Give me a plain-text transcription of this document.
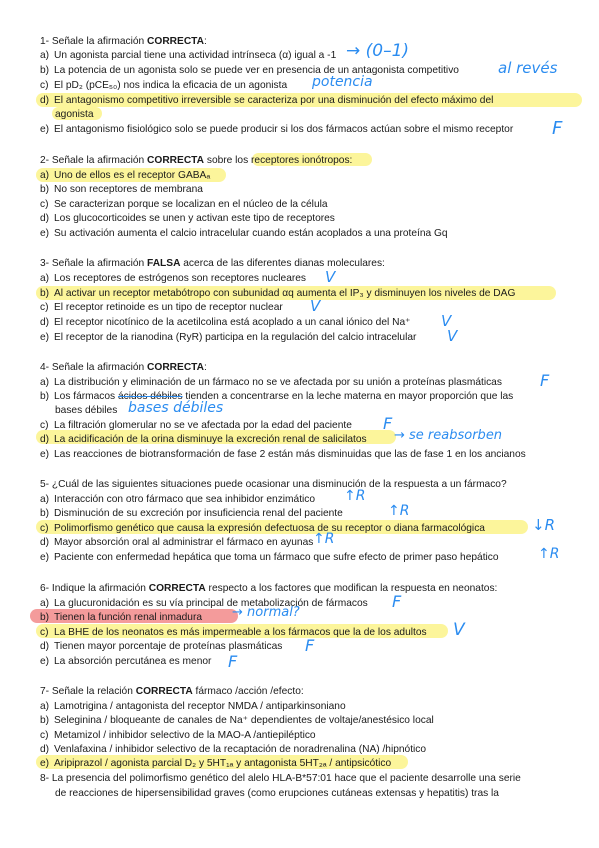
1- Señale la afirmación CORRECTA:
a) Un agonista parcial tiene una actividad intrínseca (α) igual a -1
b) La potencia de un agonista solo se puede ver en presencia de un antagonista competitivo
c) El pD₂ (pCE₅₀) nos indica la eficacia de un agonista
d) El antagonismo competitivo irreversible se caracteriza por una disminución del efecto máximo del
agonista
e) El antagonismo fisiológico solo se puede producir si los dos fármacos actúan sobre el mismo receptor
→ (0–1)
al revés
potencia
F
2- Señale la afirmación CORRECTA sobre los receptores ionótropos:
a) Uno de ellos es el receptor GABAₐ
b) No son receptores de membrana
c) Se caracterizan porque se localizan en el núcleo de la célula
d) Los glucocorticoides se unen y activan este tipo de receptores
e) Su activación aumenta el calcio intracelular cuando están acoplados a una proteína Gq
3- Señale la afirmación FALSA acerca de las diferentes dianas moleculares:
a) Los receptores de estrógenos son receptores nucleares
b) Al activar un receptor metabótropo con subunidad αq aumenta el IP₃ y disminuyen los niveles de DAG
c) El receptor retinoide es un tipo de receptor nuclear
d) El receptor nicotínico de la acetilcolina está acoplado a un canal iónico del Na⁺
e) El receptor de la rianodina (RyR) participa en la regulación del calcio intracelular
V
V
V
V
4- Señale la afirmación CORRECTA:
a) La distribución y eliminación de un fármaco no se ve afectada por su unión a proteínas plasmáticas
b) Los fármacos ácidos débiles tienden a concentrarse en la leche materna en mayor proporción que las
bases débiles
c) La filtración glomerular no se ve afectada por la edad del paciente
d) La acidificación de la orina disminuye la excreción renal de salicilatos
e) Las reacciones de biotransformación de fase 2 están más disminuidas que las de fase 1 en los ancianos
F
bases débiles
F
→ se reabsorben
5- ¿Cuál de las siguientes situaciones puede ocasionar una disminución de la respuesta a un fármaco?
a) Interacción con otro fármaco que sea inhibidor enzimático
b) Disminución de su excreción por insuficiencia renal del paciente
c) Polimorfismo genético que causa la expresión defectuosa de su receptor o diana farmacológica
d) Mayor absorción oral al administrar el fármaco en ayunas
e) Paciente con enfermedad hepática que toma un fármaco que sufre efecto de primer paso hepático
↑R
↑R
↓R
↑R
↑R
6- Indique la afirmación CORRECTA respecto a los factores que modifican la respuesta en neonatos:
a) La glucuronidación es su vía principal de metabolización de fármacos
b) Tienen la función renal inmadura
c) La BHE de los neonatos es más impermeable a los fármacos que la de los adultos
d) Tienen mayor porcentaje de proteínas plasmáticas
e) La absorción percutánea es menor
F
→ normal?
V
F
F
7- Señale la relación CORRECTA fármaco /acción /efecto:
a) Lamotrigina / antagonista del receptor NMDA / antiparkinsoniano
b) Seleginina / bloqueante de canales de Na⁺ dependientes de voltaje/anestésico local
c) Metamizol / inhibidor selectivo de la MAO-A /antiepiléptico
d) Venlafaxina / inhibidor selectivo de la recaptación de noradrenalina (NA) /hipnótico
e) Aripiprazol / agonista parcial D₂ y 5HT₁ₐ y antagonista 5HT₂ₐ / antipsicótico
8- La presencia del polimorfismo genético del alelo HLA-B*57:01 hace que el paciente desarrolle una serie
de reacciones de hipersensibilidad graves (como erupciones cutáneas extensas y hepatitis) tras la
